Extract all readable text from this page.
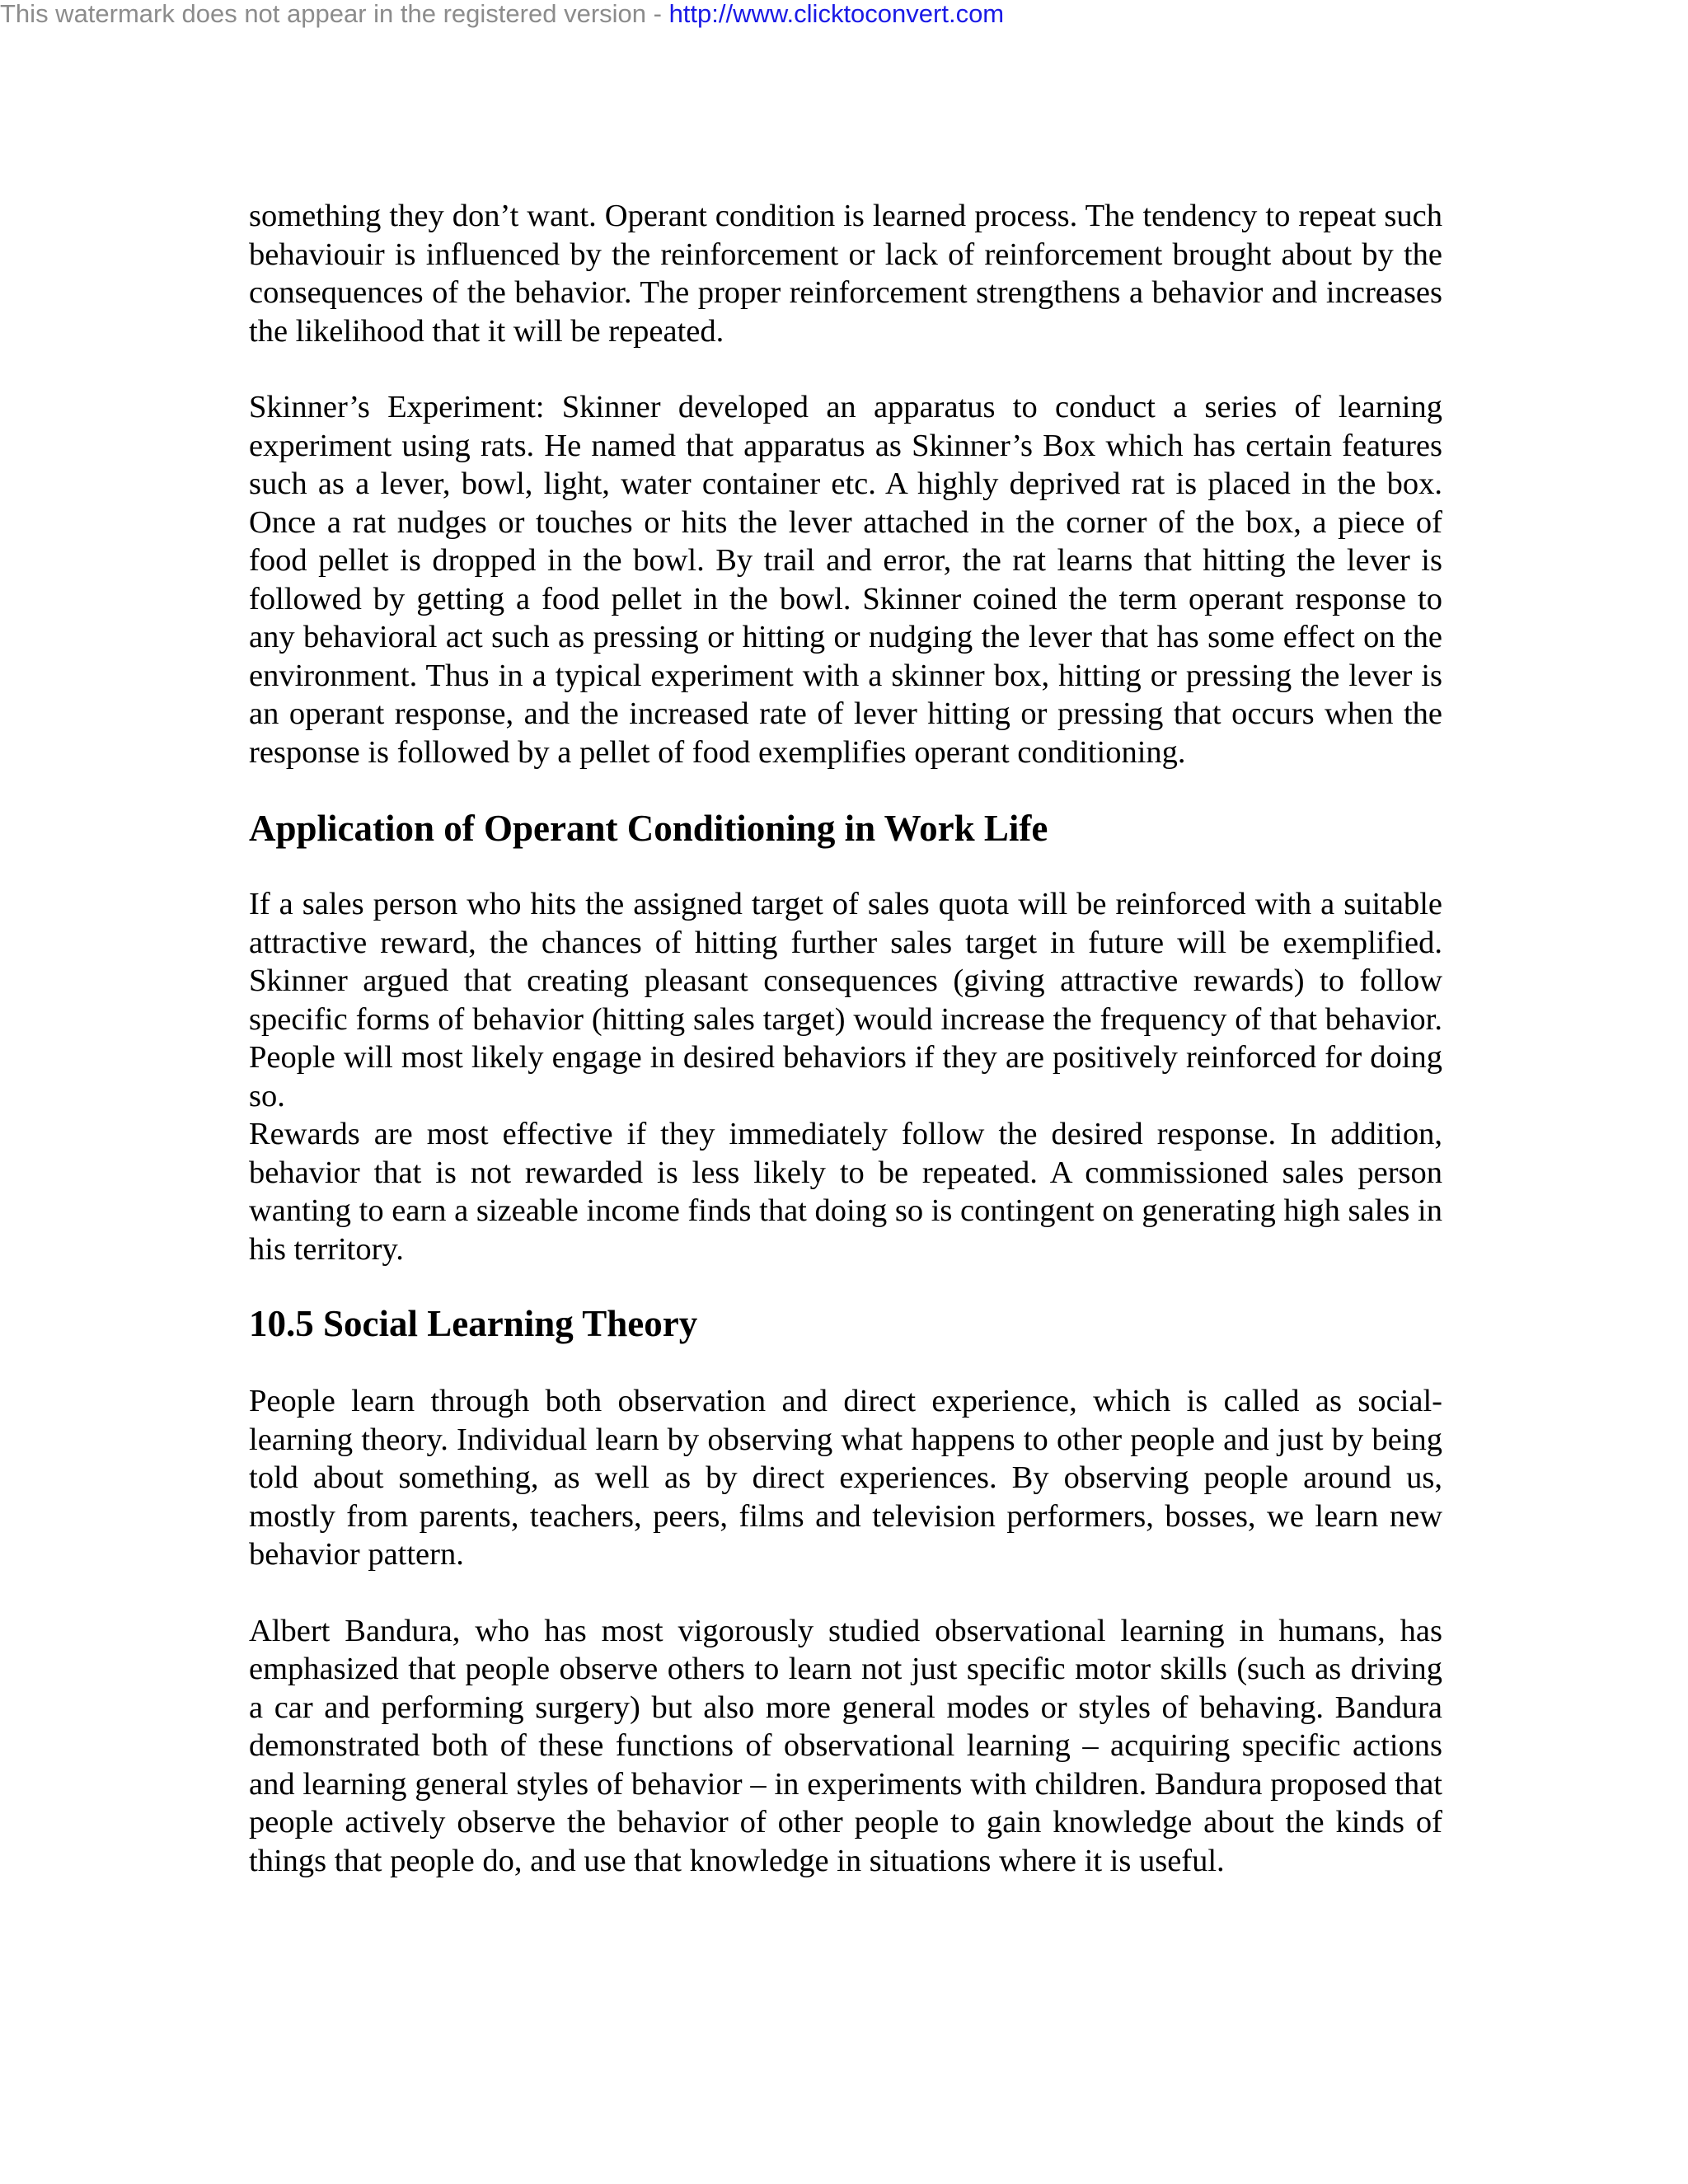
This watermark does not appear in the registered version - http://www.clicktoconvert.com

something they don’t want. Operant condition is learned process. The tendency to repeat such behaviouir is influenced by the reinforcement or lack of reinforcement brought about by the consequences of the behavior. The proper reinforcement strengthens a behavior and increases the likelihood that it will be repeated.

Skinner’s Experiment: Skinner developed an apparatus to conduct a series of learning experiment using rats. He named that apparatus as Skinner’s Box which has certain features such as a lever, bowl, light, water container etc. A highly deprived rat is placed in the box. Once a rat nudges or touches or hits the lever attached in the corner of the box, a piece of food pellet is dropped in the bowl. By trail and error, the rat learns that hitting the lever is followed by getting a food pellet in the bowl. Skinner coined the term operant response to any behavioral act such as pressing or hitting or nudging the lever that has some effect on the environment. Thus in a typical experiment with a skinner box, hitting or pressing the lever is an operant response, and the increased rate of lever hitting or pressing that occurs when the response is followed by a pellet of food exemplifies operant conditioning.

Application of Operant Conditioning in Work Life

If a sales person who hits the assigned target of sales quota will be reinforced with a suitable attractive reward, the chances of hitting further sales target in future will be exemplified. Skinner argued that creating pleasant consequences (giving attractive rewards) to follow specific forms of behavior (hitting sales target) would increase the frequency of that behavior. People will most likely engage in desired behaviors if they are positively reinforced for doing so.

Rewards are most effective if they immediately follow the desired response. In addition, behavior that is not rewarded is less likely to be repeated. A commissioned sales person wanting to earn a sizeable income finds that doing so is contingent on generating high sales in his territory.

10.5 Social Learning Theory

People learn through both observation and direct experience, which is called as social-learning theory. Individual learn by observing what happens to other people and just by being told about something, as well as by direct experiences. By observing people around us, mostly from parents, teachers, peers, films and television performers, bosses, we learn new behavior pattern.

Albert Bandura, who has most vigorously studied observational learning in humans, has emphasized that people observe others to learn not just specific motor skills (such as driving a car and performing surgery) but also more general modes or styles of behaving. Bandura demonstrated both of these functions of observational learning – acquiring specific actions and learning general styles of behavior – in experiments with children. Bandura proposed that people actively observe the behavior of other people to gain knowledge about the kinds of things that people do, and use that knowledge in situations where it is useful.
